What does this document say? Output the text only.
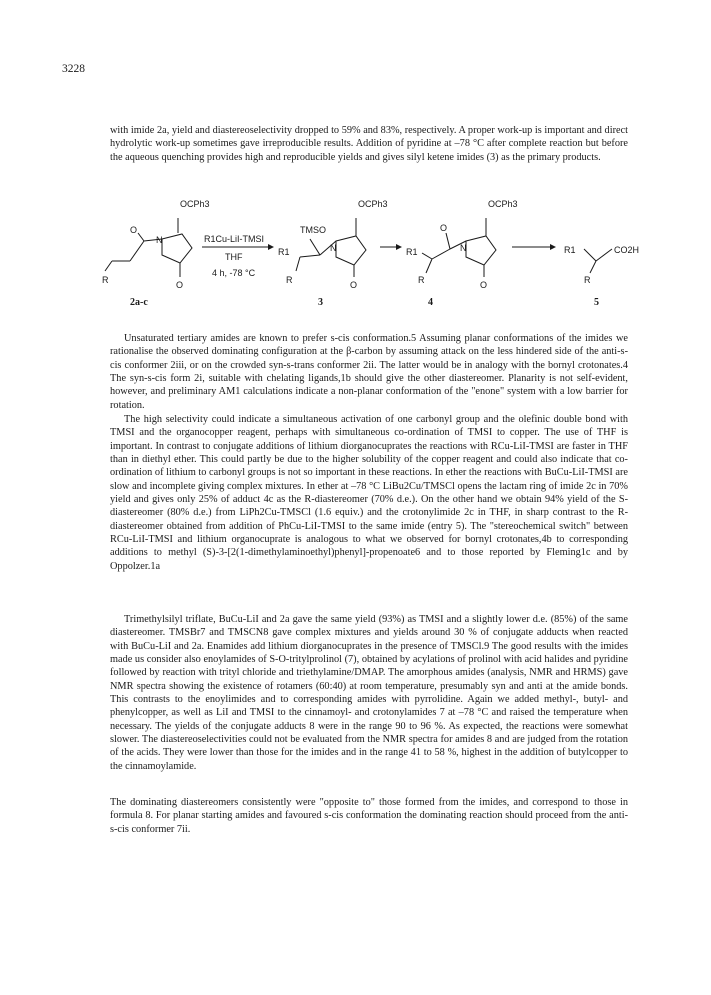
3228

with imide 2a, yield and diastereoselectivity dropped to 59% and 83%, respectively. A proper work-up is important and direct hydrolytic work-up sometimes gave irreproducible results. Addition of pyridine at –78 °C after complete reaction but before the aqueous quenching provides high and reproducible yields and gives silyl ketene imides (3) as the primary products.

OCPh3
O
N
O
R
2a-c
R1Cu-LiI-TMSI
THF
4 h, -78 °C
OCPh3
TMSO
R1	N
O
R
3
OCPh3
O
N
R1
O
R
4
R1	CO2H
R
5

Unsaturated tertiary amides are known to prefer s-cis conformation.5 Assuming planar conformations of the imides we rationalise the observed dominating configuration at the β-carbon by assuming attack on the less hindered side of the anti-s-cis conformer 2iii, or on the crowded syn-s-trans conformer 2ii. The latter would be in analogy with the bornyl crotonates.4 The syn-s-cis form 2i, suitable with chelating ligands,1b should give the other diastereomer. Planarity is not self-evident, however, and preliminary AM1 calculations indicate a non-planar conformation of the "enone" system with a low barrier for rotation.

The high selectivity could indicate a simultaneous activation of one carbonyl group and the olefinic double bond with TMSI and the organocopper reagent, perhaps with simultaneous co-ordination of TMSI to copper. The use of THF is important. In contrast to conjugate additions of lithium diorganocuprates the reactions with RCu-LiI-TMSI are faster in THF than in diethyl ether. This could partly be due to the higher solubility of the copper reagent and could also indicate that co-ordination of lithium to carbonyl groups is not so important in these reactions. In ether the reactions with BuCu-LiI-TMSI are slow and incomplete giving complex mixtures. In ether at –78 °C LiBu2Cu/TMSCl opens the lactam ring of imide 2c in 70% yield and gives only 25% of adduct 4c as the R-diastereomer (70% d.e.). On the other hand we obtain 94% yield of the S-diastereomer (80% d.e.) from LiPh2Cu-TMSCl (1.6 equiv.) and the crotonylimide 2c in THF, in sharp contrast to the R-diastereomer obtained from addition of PhCu-LiI-TMSI to the same imide (entry 5). The "stereochemical switch" between RCu-LiI-TMSI and lithium organocuprate is analogous to what we observed for bornyl crotonates,4b to corresponding additions to methyl (S)-3-[2(1-dimethylaminoethyl)phenyl]-propenoate6 and to those reported by Fleming1c and by Oppolzer.1a

Trimethylsilyl triflate, BuCu-LiI and 2a gave the same yield (93%) as TMSI and a slightly lower d.e. (85%) of the same diastereomer. TMSBr7 and TMSCN8 gave complex mixtures and yields around 30 % of conjugate adducts when reacted with BuCu-LiI and 2a. Enamides add lithium diorganocuprates in the presence of TMSCl.9 The good results with the imides made us consider also enoylamides of S-O-tritylprolinol (7), obtained by acylations of prolinol with acid halides and pyridine followed by reaction with trityl chloride and triethylamine/DMAP. The amorphous amides (analysis, NMR and HRMS) gave NMR spectra showing the existence of rotamers (60:40) at room temperature, presumably syn and anti at the amide bonds. This contrasts to the enoylimides and to corresponding amides with pyrrolidine. Again we added methyl-, butyl- and phenylcopper, as well as LiI and TMSI to the cinnamoyl- and crotonylamides 7 at –78 °C and raised the temperature when necessary. The yields of the conjugate adducts 8 were in the range 90 to 96 %. As expected, the reactions were somewhat slower. The diastereoselectivities could not be evaluated from the NMR spectra for amides 8 and are judged from the rotation of the acids. They were lower than those for the imides and in the range 41 to 58 %, highest in the addition of butylcopper to the cinnamoylamide.

The dominating diastereomers consistently were "opposite to" those formed from the imides, and correspond to those in formula 8. For planar starting amides and favoured s-cis conformation the dominating reaction should proceed from the anti-s-cis conformer 7ii.
